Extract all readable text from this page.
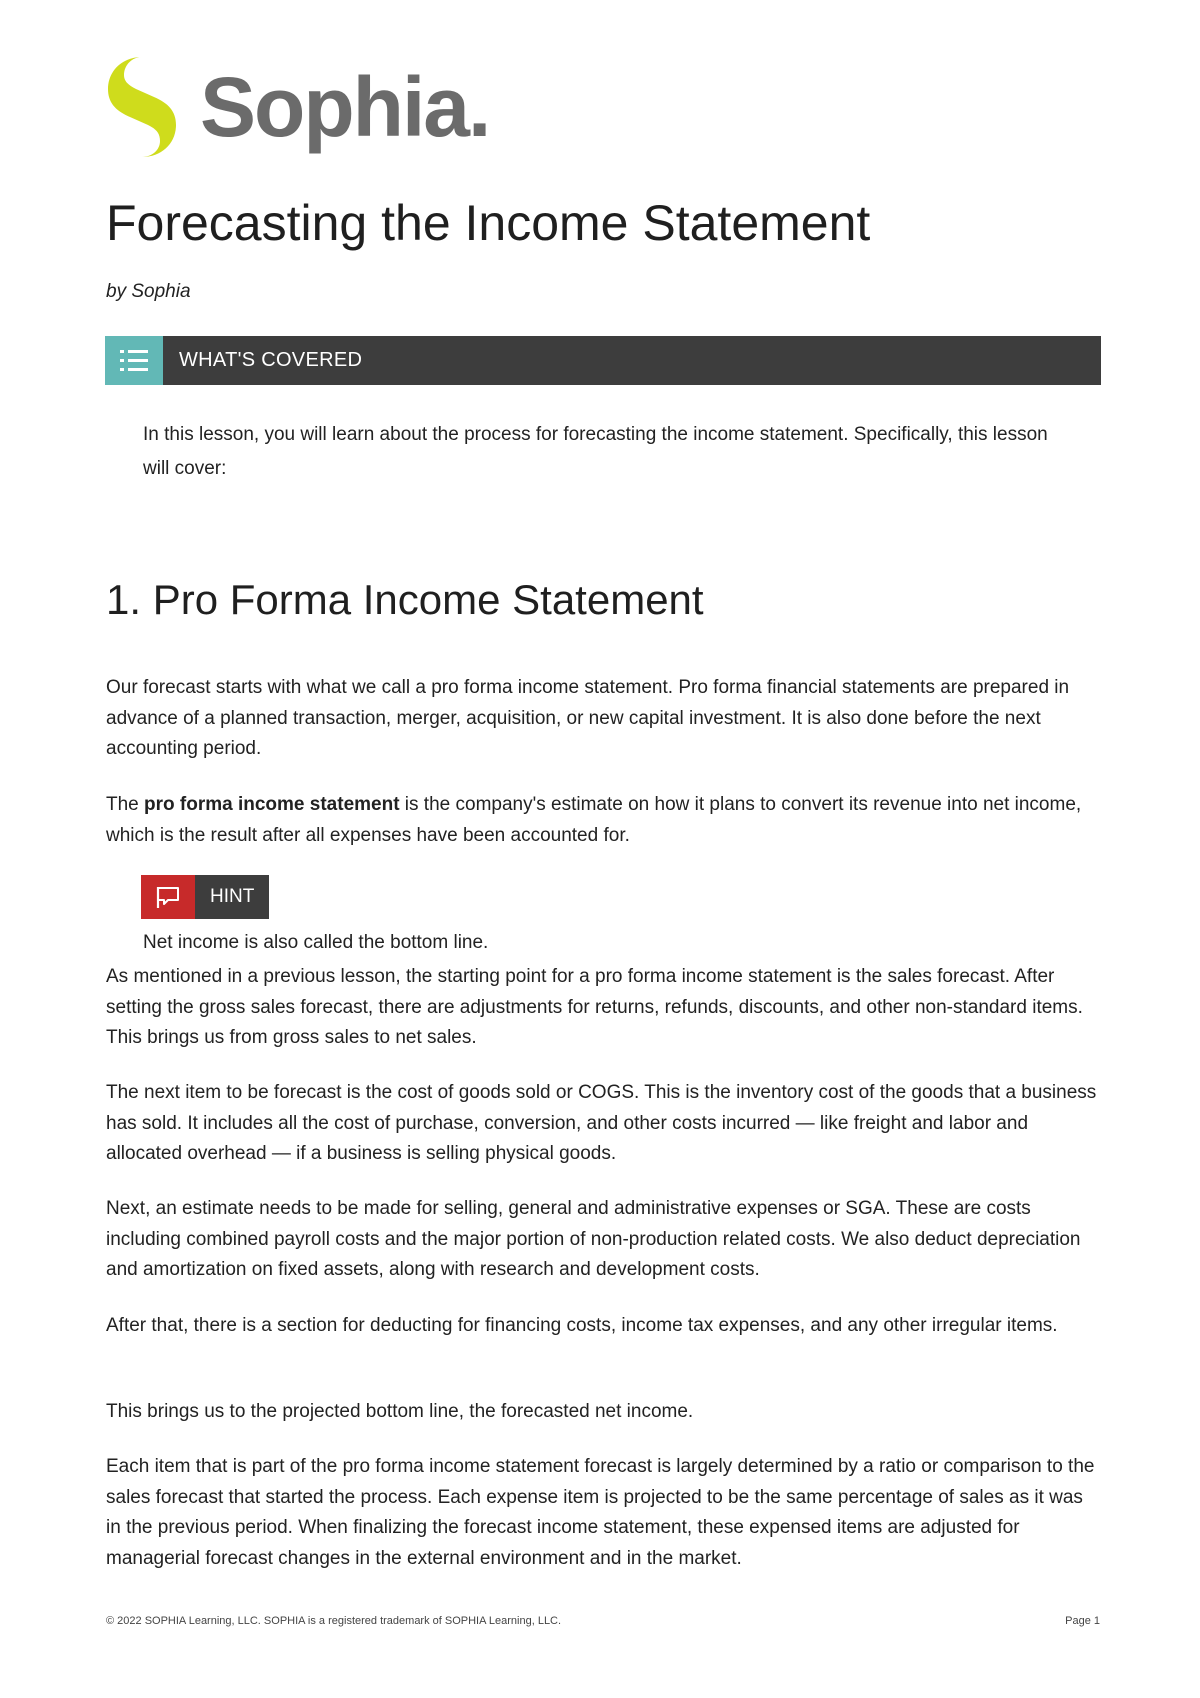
Sophia.
Forecasting the Income Statement
by Sophia
WHAT'S COVERED
In this lesson, you will learn about the process for forecasting the income statement. Specifically, this lesson will cover:
1. Pro Forma Income Statement

Our forecast starts with what we call a pro forma income statement. Pro forma financial statements are prepared in advance of a planned transaction, merger, acquisition, or new capital investment. It is also done before the next accounting period.

The pro forma income statement is the company's estimate on how it plans to convert its revenue into net income, which is the result after all expenses have been accounted for.

HINT
Net income is also called the bottom line.

As mentioned in a previous lesson, the starting point for a pro forma income statement is the sales forecast. After setting the gross sales forecast, there are adjustments for returns, refunds, discounts, and other non-standard items. This brings us from gross sales to net sales.

The next item to be forecast is the cost of goods sold or COGS. This is the inventory cost of the goods that a business has sold. It includes all the cost of purchase, conversion, and other costs incurred — like freight and labor and allocated overhead — if a business is selling physical goods.

Next, an estimate needs to be made for selling, general and administrative expenses or SGA. These are costs including combined payroll costs and the major portion of non-production related costs. We also deduct depreciation and amortization on fixed assets, along with research and development costs.

After that, there is a section for deducting for financing costs, income tax expenses, and any other irregular items.

This brings us to the projected bottom line, the forecasted net income.

Each item that is part of the pro forma income statement forecast is largely determined by a ratio or comparison to the sales forecast that started the process. Each expense item is projected to be the same percentage of sales as it was in the previous period. When finalizing the forecast income statement, these expensed items are adjusted for managerial forecast changes in the external environment and in the market.

© 2022 SOPHIA Learning, LLC. SOPHIA is a registered trademark of SOPHIA Learning, LLC.	Page 1
